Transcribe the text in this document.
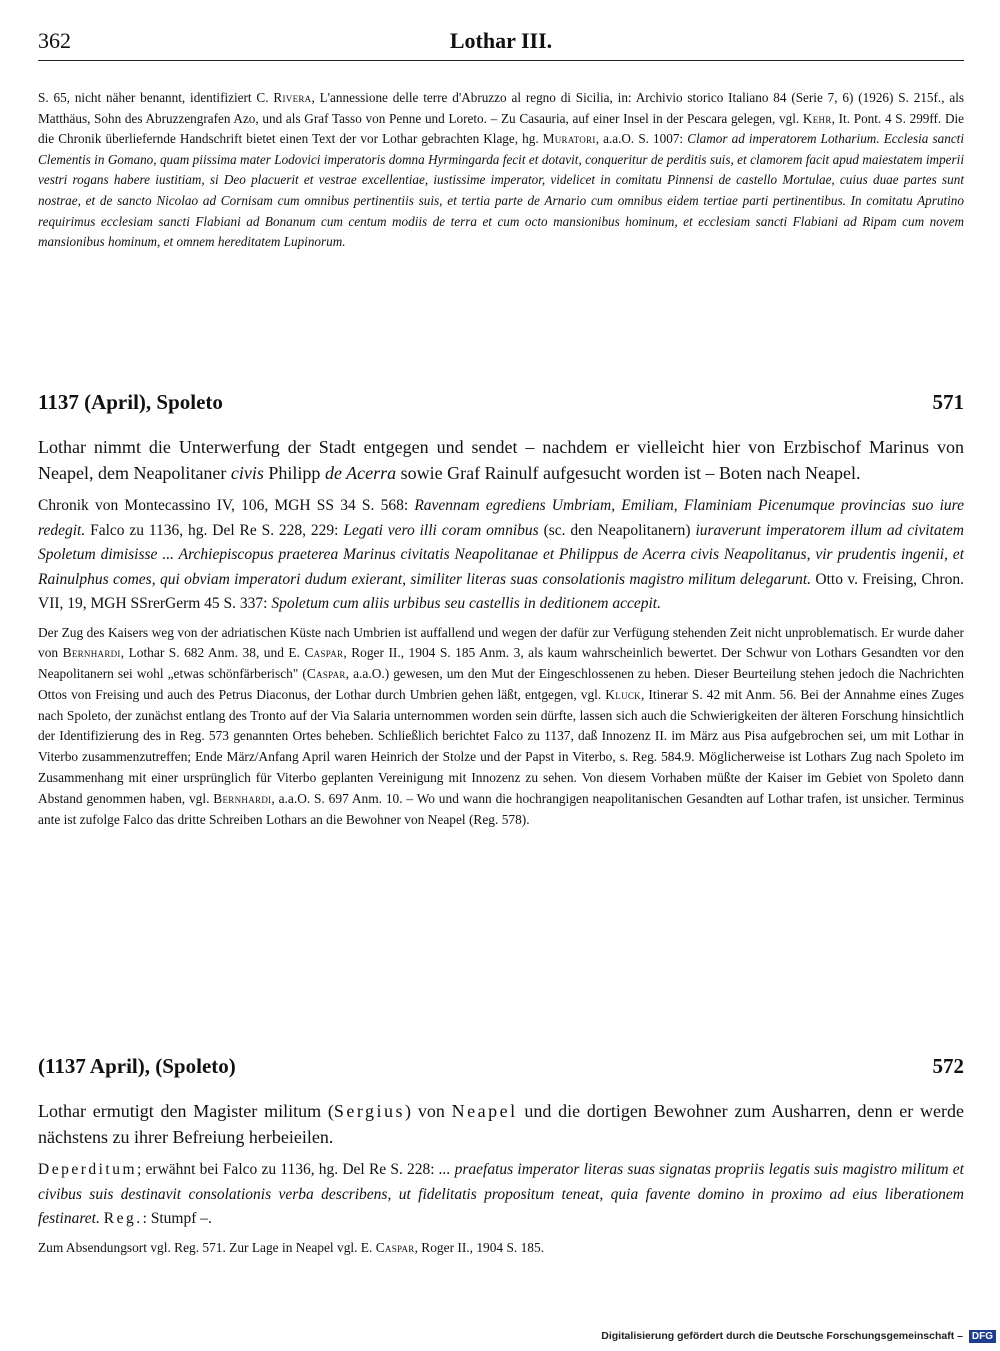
362	Lothar III.

S. 65, nicht näher benannt, identifiziert C. Rivera, L'annessione delle terre d'Abruzzo al regno di Sicilia, in: Archivio storico Italiano 84 (Serie 7, 6) (1926) S. 215f., als Matthäus, Sohn des Abruzzengrafen Azo, und als Graf Tasso von Penne und Loreto. – Zu Casauria, auf einer Insel in der Pescara gelegen, vgl. Kehr, It. Pont. 4 S. 299ff. Die die Chronik überliefernde Handschrift bietet einen Text der vor Lothar gebrachten Klage, hg. Muratori, a.a.O. S. 1007: Clamor ad imperatorem Lotharium. Ecclesia sancti Clementis in Gomano, quam piissima mater Lodovici imperatoris domna Hyrmingarda fecit et dotavit, conqueritur de perditis suis, et clamorem facit apud maiestatem imperii vestri rogans habere iustitiam, si Deo placuerit et vestrae excellentiae, iustissime imperator, videlicet in comitatu Pinnensi de castello Mortulae, cuius duae partes sunt nostrae, et de sancto Nicolao ad Cornisam cum omnibus pertinentiis suis, et tertia parte de Arnario cum omnibus eidem tertiae parti pertinentibus. In comitatu Aprutino requirimus ecclesiam sancti Flabiani ad Bonanum cum centum modiis de terra et cum octo mansionibus hominum, et ecclesiam sancti Flabiani ad Ripam cum novem mansionibus hominum, et omnem hereditatem Lupinorum.

1137 (April), Spoleto	571

Lothar nimmt die Unterwerfung der Stadt entgegen und sendet – nachdem er vielleicht hier von Erzbischof Marinus von Neapel, dem Neapolitaner civis Philipp de Acerra sowie Graf Rainulf aufgesucht worden ist – Boten nach Neapel.

Chronik von Montecassino IV, 106, MGH SS 34 S. 568: Ravennam egrediens Umbriam, Emiliam, Flaminiam Picenumque provincias suo iure redegit. Falco zu 1136, hg. Del Re S. 228, 229: Legati vero illi coram omnibus (sc. den Neapolitanern) iuraverunt imperatorem illum ad civitatem Spoletum dimisisse ... Archiepiscopus praeterea Marinus civitatis Neapolitanae et Philippus de Acerra civis Neapolitanus, vir prudentis ingenii, et Rainulphus comes, qui obviam imperatori dudum exierant, similiter literas suas consolationis magistro militum delegarunt. Otto v. Freising, Chron. VII, 19, MGH SSrerGerm 45 S. 337: Spoletum cum aliis urbibus seu castellis in deditionem accepit.

Der Zug des Kaisers weg von der adriatischen Küste nach Umbrien ist auffallend und wegen der dafür zur Verfügung stehenden Zeit nicht unproblematisch. Er wurde daher von Bernhardi, Lothar S. 682 Anm. 38, und E. Caspar, Roger II., 1904 S. 185 Anm. 3, als kaum wahrscheinlich bewertet. Der Schwur von Lothars Gesandten vor den Neapolitanern sei wohl „etwas schönfärberisch" (Caspar, a.a.O.) gewesen, um den Mut der Eingeschlossenen zu heben. Dieser Beurteilung stehen jedoch die Nachrichten Ottos von Freising und auch des Petrus Diaconus, der Lothar durch Umbrien gehen läßt, entgegen, vgl. Kluck, Itinerar S. 42 mit Anm. 56. Bei der Annahme eines Zuges nach Spoleto, der zunächst entlang des Tronto auf der Via Salaria unternommen worden sein dürfte, lassen sich auch die Schwierigkeiten der älteren Forschung hinsichtlich der Identifizierung des in Reg. 573 genannten Ortes beheben. Schließlich berichtet Falco zu 1137, daß Innozenz II. im März aus Pisa aufgebrochen sei, um mit Lothar in Viterbo zusammenzutreffen; Ende März/Anfang April waren Heinrich der Stolze und der Papst in Viterbo, s. Reg. 584.9. Möglicherweise ist Lothars Zug nach Spoleto im Zusammenhang mit einer ursprünglich für Viterbo geplanten Vereinigung mit Innozenz zu sehen. Von diesem Vorhaben müßte der Kaiser im Gebiet von Spoleto dann Abstand genommen haben, vgl. Bernhardi, a.a.O. S. 697 Anm. 10. – Wo und wann die hochrangigen neapolitanischen Gesandten auf Lothar trafen, ist unsicher. Terminus ante ist zufolge Falco das dritte Schreiben Lothars an die Bewohner von Neapel (Reg. 578).

(1137 April), (Spoleto)	572

Lothar ermutigt den Magister militum (Sergius) von Neapel und die dortigen Bewohner zum Ausharren, denn er werde nächstens zu ihrer Befreiung herbeieilen.

Deperditum; erwähnt bei Falco zu 1136, hg. Del Re S. 228: ... praefatus imperator literas suas signatas propriis legatis suis magistro militum et civibus suis destinavit consolationis verba describens, ut fidelitatis propositum teneat, quia favente domino in proximo ad eius liberationem festinaret. Reg.: Stumpf –.

Zum Absendungsort vgl. Reg. 571. Zur Lage in Neapel vgl. E. Caspar, Roger II., 1904 S. 185.

Digitalisierung gefördert durch die Deutsche Forschungsgemeinschaft – DFG
